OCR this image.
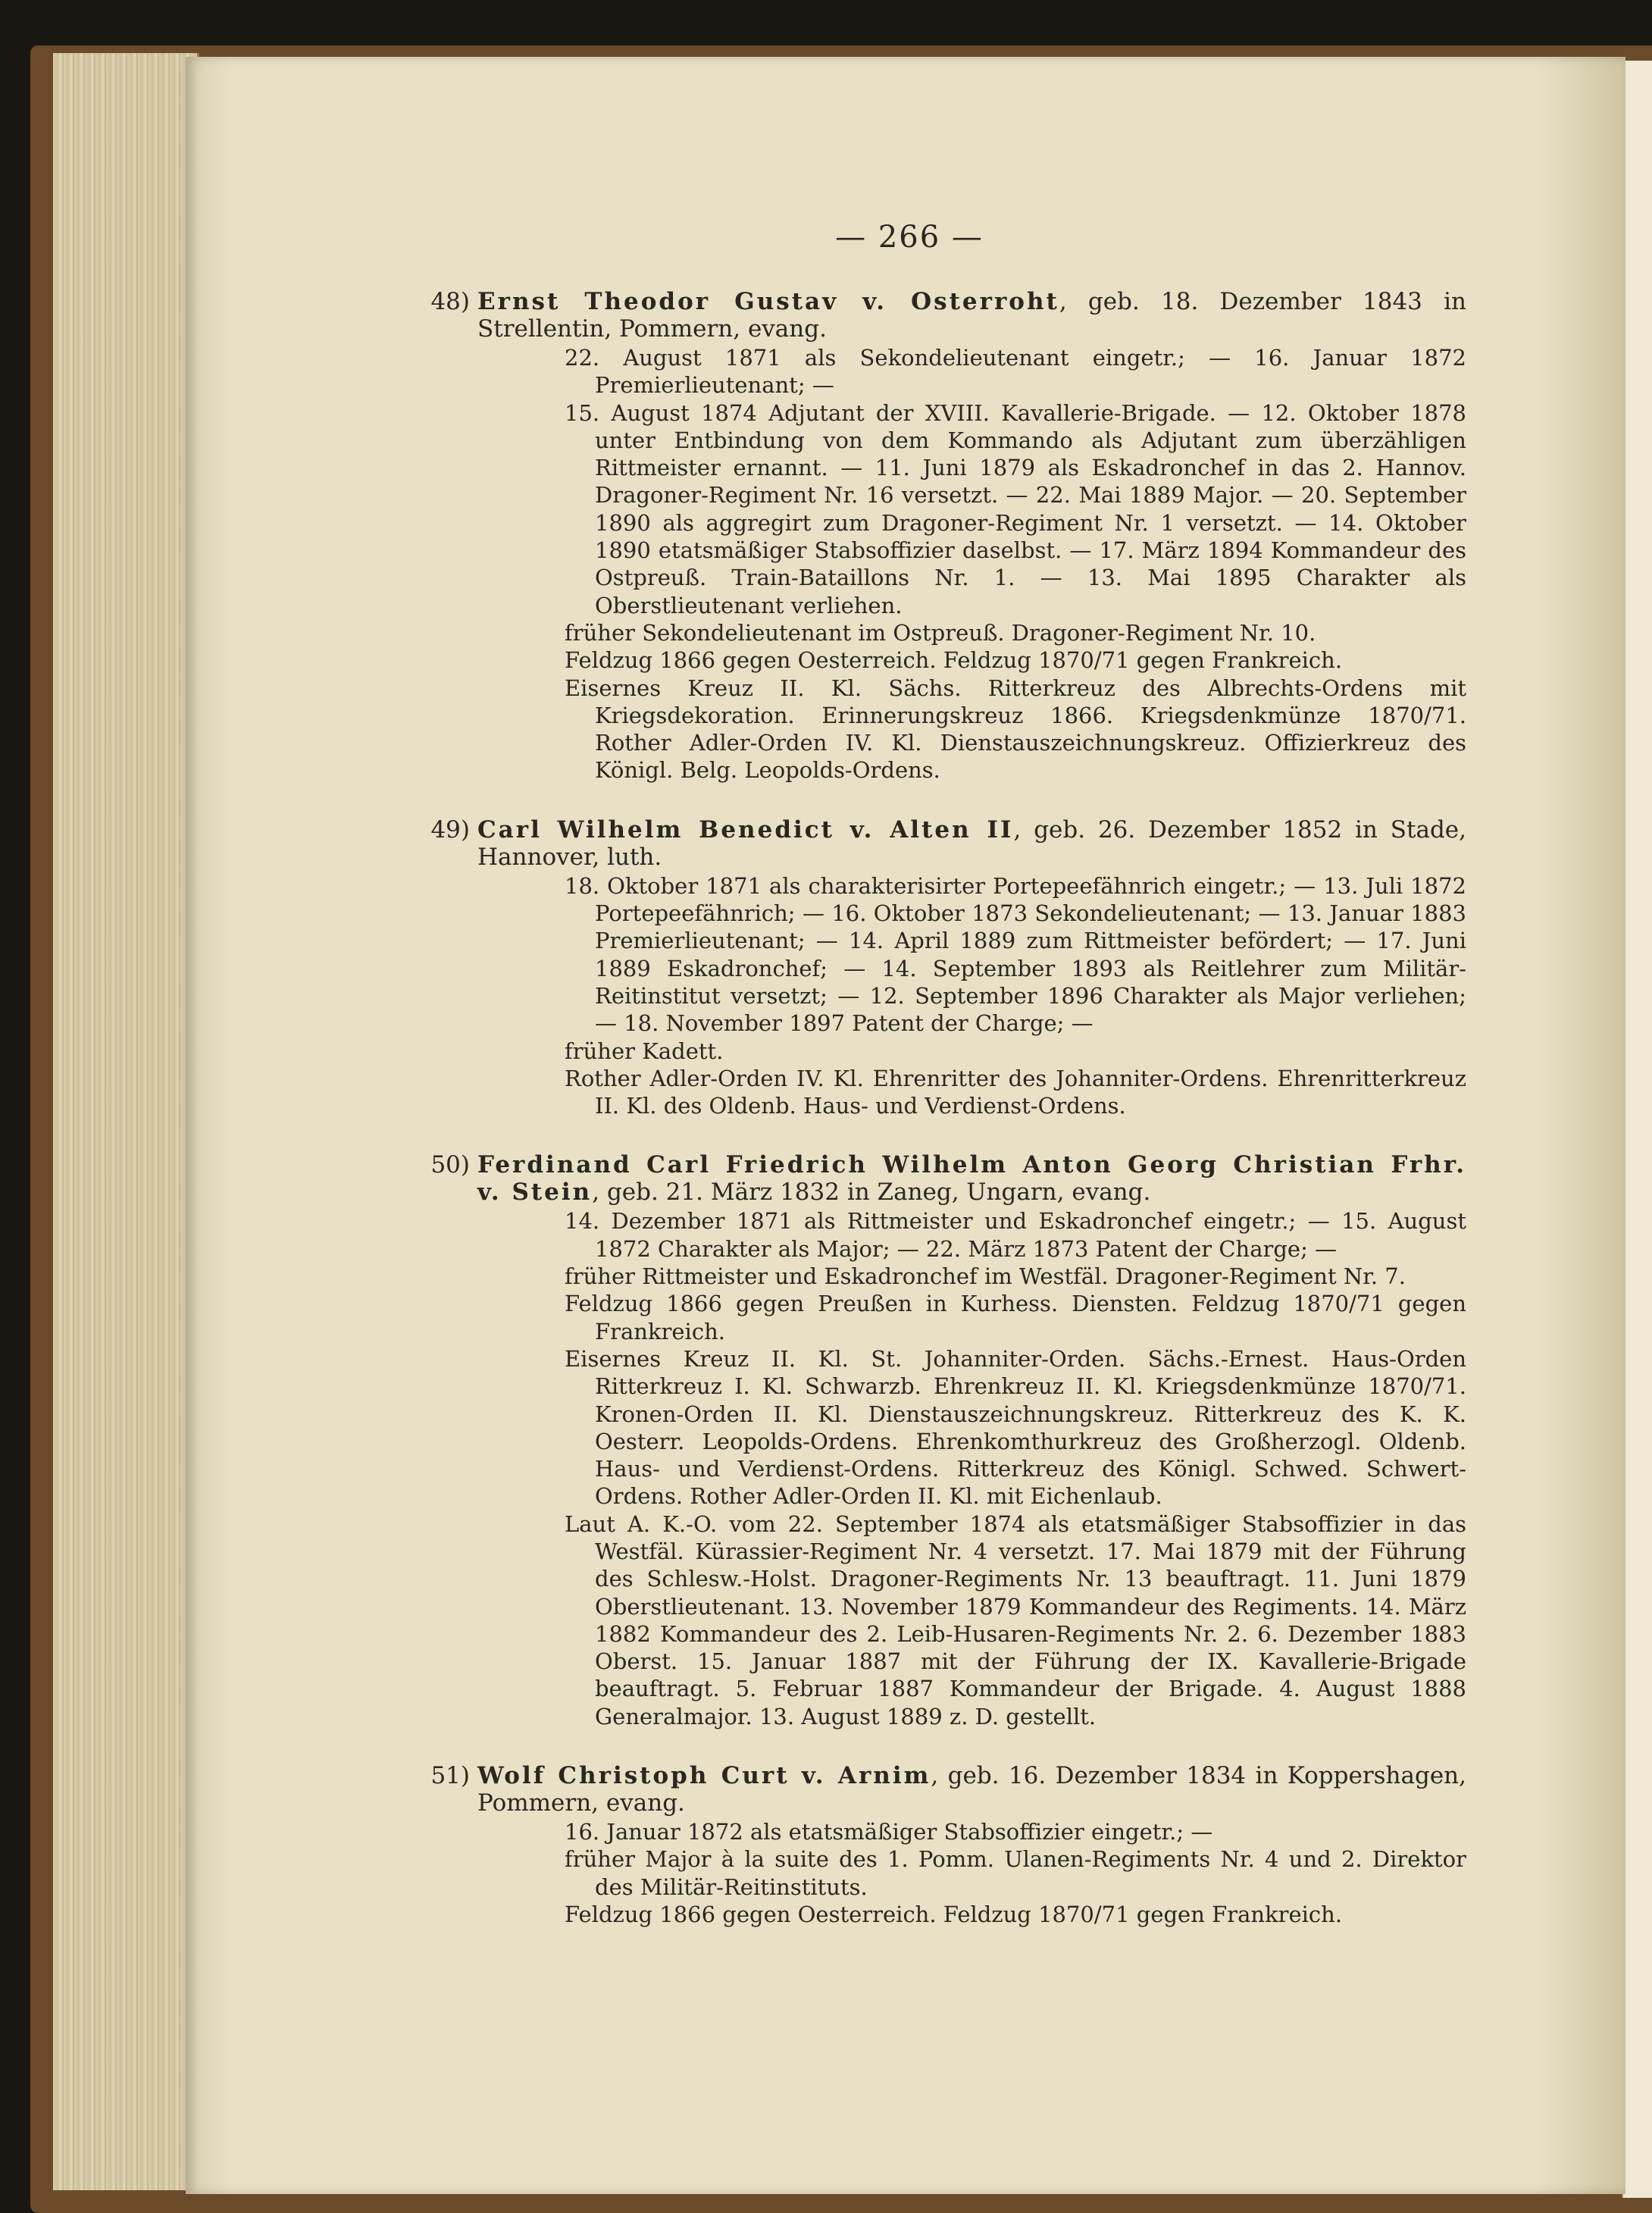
— 266 —
48) Ernst Theodor Gustav v. Osterroht, geb. 18. Dezember 1843 in Strellentin, Pommern, evang.

22. August 1871 als Sekondelieutenant eingetr.; — 16. Januar 1872 Premierlieutenant; —

15. August 1874 Adjutant der XVIII. Kavallerie-Brigade. — 12. Oktober 1878 unter Entbindung von dem Kommando als Adjutant zum überzähligen Rittmeister ernannt. — 11. Juni 1879 als Eskadronchef in das 2. Hannov. Dragoner-Regiment Nr. 16 versetzt. — 22. Mai 1889 Major. — 20. September 1890 als aggregirt zum Dragoner-Regiment Nr. 1 versetzt. — 14. Oktober 1890 etatsmäßiger Stabsoffizier daselbst. — 17. März 1894 Kommandeur des Ostpreuß. Train-Bataillons Nr. 1. — 13. Mai 1895 Charakter als Oberstlieutenant verliehen.

früher Sekondelieutenant im Ostpreuß. Dragoner-Regiment Nr. 10.

Feldzug 1866 gegen Oesterreich. Feldzug 1870/71 gegen Frankreich.

Eisernes Kreuz II. Kl. Sächs. Ritterkreuz des Albrechts-Ordens mit Kriegsdekoration. Erinnerungskreuz 1866. Kriegsdenkmünze 1870/71. Rother Adler-Orden IV. Kl. Dienstauszeichnungskreuz. Offizierkreuz des Königl. Belg. Leopolds-Ordens.

49) Carl Wilhelm Benedict v. Alten II, geb. 26. Dezember 1852 in Stade, Hannover, luth.

18. Oktober 1871 als charakterisirter Portepeefähnrich eingetr.; — 13. Juli 1872 Portepeefähnrich; — 16. Oktober 1873 Sekondelieutenant; — 13. Januar 1883 Premierlieutenant; — 14. April 1889 zum Rittmeister befördert; — 17. Juni 1889 Eskadronchef; — 14. September 1893 als Reitlehrer zum Militär-Reitinstitut versetzt; — 12. September 1896 Charakter als Major verliehen; — 18. November 1897 Patent der Charge; —

früher Kadett.

Rother Adler-Orden IV. Kl. Ehrenritter des Johanniter-Ordens. Ehrenritterkreuz II. Kl. des Oldenb. Haus- und Verdienst-Ordens.

50) Ferdinand Carl Friedrich Wilhelm Anton Georg Christian Frhr. v. Stein, geb. 21. März 1832 in Zaneg, Ungarn, evang.

14. Dezember 1871 als Rittmeister und Eskadronchef eingetr.; — 15. August 1872 Charakter als Major; — 22. März 1873 Patent der Charge; —

früher Rittmeister und Eskadronchef im Westfäl. Dragoner-Regiment Nr. 7.

Feldzug 1866 gegen Preußen in Kurhess. Diensten. Feldzug 1870/71 gegen Frankreich.

Eisernes Kreuz II. Kl. St. Johanniter-Orden. Sächs.-Ernest. Haus-Orden Ritterkreuz I. Kl. Schwarzb. Ehrenkreuz II. Kl. Kriegsdenkmünze 1870/71. Kronen-Orden II. Kl. Dienstauszeichnungskreuz. Ritterkreuz des K. K. Oesterr. Leopolds-Ordens. Ehrenkomthurkreuz des Großherzogl. Oldenb. Haus- und Verdienst-Ordens. Ritterkreuz des Königl. Schwed. Schwert-Ordens. Rother Adler-Orden II. Kl. mit Eichenlaub.

Laut A. K.-O. vom 22. September 1874 als etatsmäßiger Stabsoffizier in das Westfäl. Kürassier-Regiment Nr. 4 versetzt. 17. Mai 1879 mit der Führung des Schlesw.-Holst. Dragoner-Regiments Nr. 13 beauftragt. 11. Juni 1879 Oberstlieutenant. 13. November 1879 Kommandeur des Regiments. 14. März 1882 Kommandeur des 2. Leib-Husaren-Regiments Nr. 2. 6. Dezember 1883 Oberst. 15. Januar 1887 mit der Führung der IX. Kavallerie-Brigade beauftragt. 5. Februar 1887 Kommandeur der Brigade. 4. August 1888 Generalmajor. 13. August 1889 z. D. gestellt.

51) Wolf Christoph Curt v. Arnim, geb. 16. Dezember 1834 in Koppershagen, Pommern, evang.

16. Januar 1872 als etatsmäßiger Stabsoffizier eingetr.; —

früher Major à la suite des 1. Pomm. Ulanen-Regiments Nr. 4 und 2. Direktor des Militär-Reitinstituts.

Feldzug 1866 gegen Oesterreich. Feldzug 1870/71 gegen Frankreich.
